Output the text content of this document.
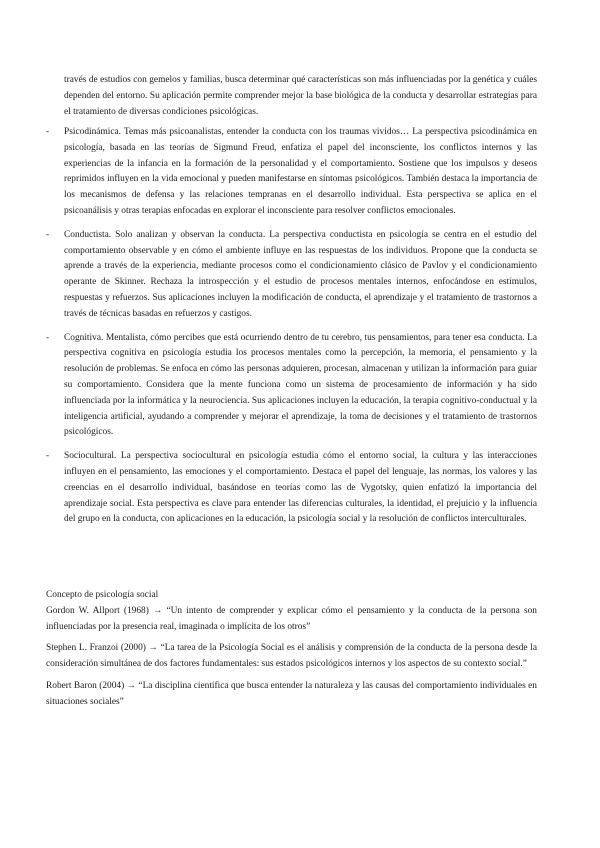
través de estudios con gemelos y familias, busca determinar qué características son más influenciadas por la genética y cuáles dependen del entorno. Su aplicación permite comprender mejor la base biológica de la conducta y desarrollar estrategias para el tratamiento de diversas condiciones psicológicas.
- Psicodinámica. Temas más psicoanalistas, entender la conducta con los traumas vividos… La perspectiva psicodinámica en psicología, basada en las teorías de Sigmund Freud, enfatiza el papel del inconsciente, los conflictos internos y las experiencias de la infancia en la formación de la personalidad y el comportamiento. Sostiene que los impulsos y deseos reprimidos influyen en la vida emocional y pueden manifestarse en síntomas psicológicos. También destaca la importancia de los mecanismos de defensa y las relaciones tempranas en el desarrollo individual. Esta perspectiva se aplica en el psicoanálisis y otras terapias enfocadas en explorar el inconsciente para resolver conflictos emocionales.
- Conductista. Solo analizan y observan la conducta. La perspectiva conductista en psicología se centra en el estudio del comportamiento observable y en cómo el ambiente influye en las respuestas de los individuos. Propone que la conducta se aprende a través de la experiencia, mediante procesos como el condicionamiento clásico de Pavlov y el condicionamiento operante de Skinner. Rechaza la introspección y el estudio de procesos mentales internos, enfocándose en estímulos, respuestas y refuerzos. Sus aplicaciones incluyen la modificación de conducta, el aprendizaje y el tratamiento de trastornos a través de técnicas basadas en refuerzos y castigos.
- Cognitiva. Mentalista, cómo percibes que está ocurriendo dentro de tu cerebro, tus pensamientos, para tener esa conducta. La perspectiva cognitiva en psicología estudia los procesos mentales como la percepción, la memoria, el pensamiento y la resolución de problemas. Se enfoca en cómo las personas adquieren, procesan, almacenan y utilizan la información para guiar su comportamiento. Considera que la mente funciona como un sistema de procesamiento de información y ha sido influenciada por la informática y la neurociencia. Sus aplicaciones incluyen la educación, la terapia cognitivo-conductual y la inteligencia artificial, ayudando a comprender y mejorar el aprendizaje, la toma de decisiones y el tratamiento de trastornos psicológicos.
- Sociocultural. La perspectiva sociocultural en psicología estudia cómo el entorno social, la cultura y las interacciones influyen en el pensamiento, las emociones y el comportamiento. Destaca el papel del lenguaje, las normas, los valores y las creencias en el desarrollo individual, basándose en teorías como las de Vygotsky, quien enfatizó la importancia del aprendizaje social. Esta perspectiva es clave para entender las diferencias culturales, la identidad, el prejuicio y la influencia del grupo en la conducta, con aplicaciones en la educación, la psicología social y la resolución de conflictos interculturales.

Concepto de psicología social

Gordon W. Allport (1968) → “Un intento de comprender y explicar cómo el pensamiento y la conducta de la persona son influenciadas por la presencia real, imaginada o implícita de los otros”

Stephen L. Franzoi (2000) → “La tarea de la Psicología Social es el análisis y comprensión de la conducta de la persona desde la consideración simultánea de dos factores fundamentales: sus estados psicológicos internos y los aspectos de su contexto social.”

Robert Baron (2004) → “La disciplina científica que busca entender la naturaleza y las causas del comportamiento individuales en situaciones sociales”
